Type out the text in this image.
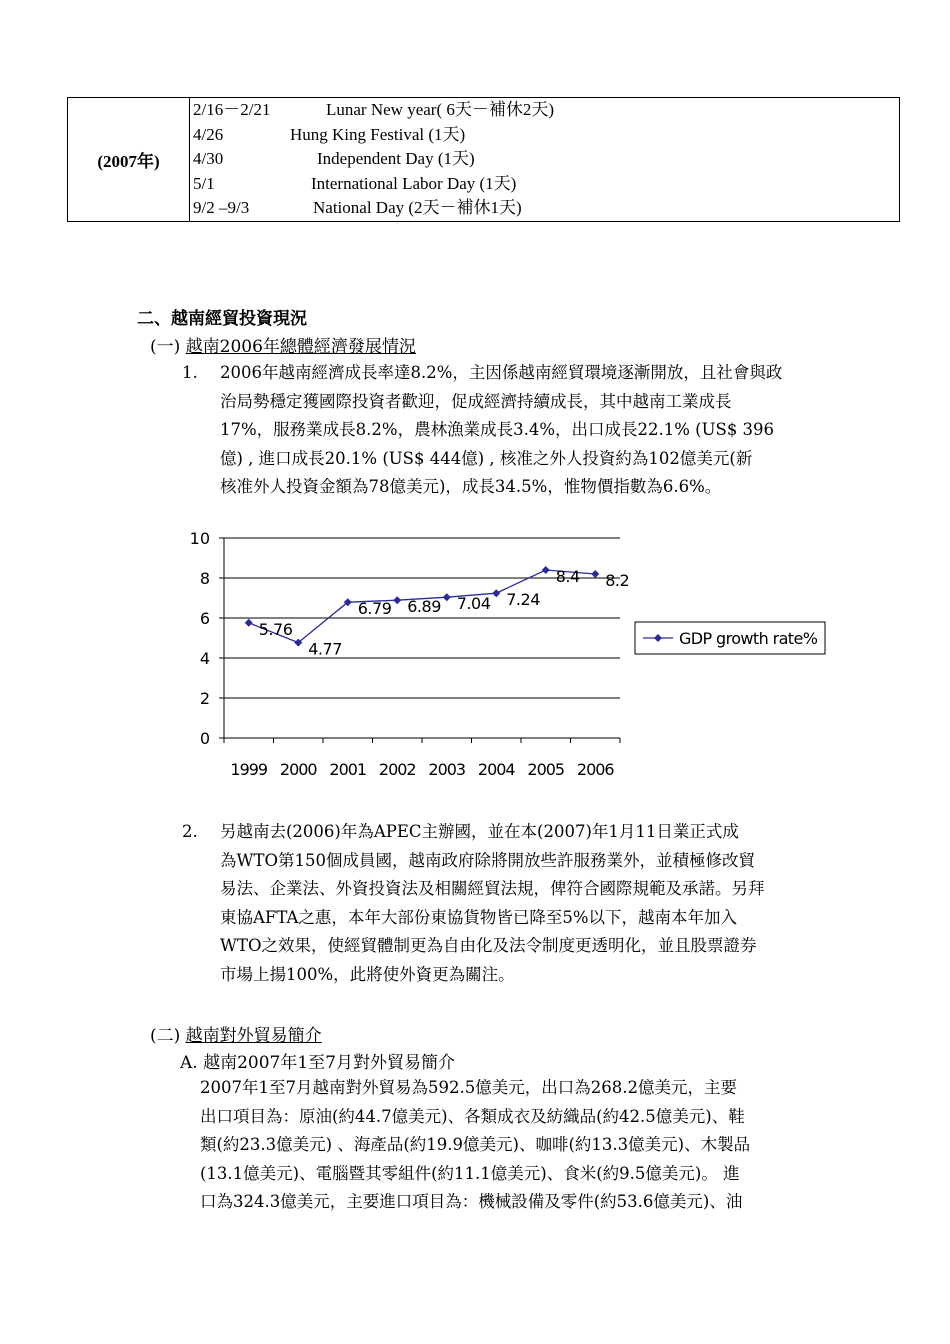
(2007年)	
2/16－2/21	Lunar New year( 6天－補休2天)
4/26	Hung King Festival (1天)
4/30	Independent Day (1天)
5/1	International Labor Day (1天)
9/2 –9/3	National Day (2天－補休1天)
二、越南經貿投資現況
(一) 越南2006年總體經濟發展情況
1. 2006年越南經濟成長率達8.2%，主因係越南經貿環境逐漸開放，且社會與政
治局勢穩定獲國際投資者歡迎，促成經濟持續成長，其中越南工業成長
17%，服務業成長8.2%，農林漁業成長3.4%，出口成長22.1% (US$ 396
億) , 進口成長20.1% (US$ 444億) , 核准之外人投資約為102億美元(新
核准外人投資金額為78億美元)，成長34.5%，惟物價指數為6.6%。
0
2
4
6
8
10
1999 2000 2001 2002 2003 2004 2005 2006
5.76
4.77
6.79 6.89 7.04 7.24
8.4 8.2
GDP growth rate%
2. 另越南去(2006)年為APEC主辦國，並在本(2007)年1月11日業正式成
為WTO第150個成員國，越南政府除將開放些許服務業外，並積極修改貿
易法、企業法、外資投資法及相關經貿法規，俾符合國際規範及承諾。另拜
東協AFTA之惠，本年大部份東協貨物皆已降至5%以下，越南本年加入
WTO之效果，使經貿體制更為自由化及法令制度更透明化，並且股票證券
市場上揚100%，此將使外資更為關注。
(二) 越南對外貿易簡介
A. 越南2007年1至7月對外貿易簡介
2007年1至7月越南對外貿易為592.5億美元，出口為268.2億美元，主要
出口項目為：原油(約44.7億美元)、各類成衣及紡織品(約42.5億美元)、鞋
類(約23.3億美元) 、海產品(約19.9億美元)、咖啡(約13.3億美元)、木製品
(13.1億美元)、電腦暨其零組件(約11.1億美元)、食米(約9.5億美元)。 進
口為324.3億美元，主要進口項目為：機械設備及零件(約53.6億美元)、油
